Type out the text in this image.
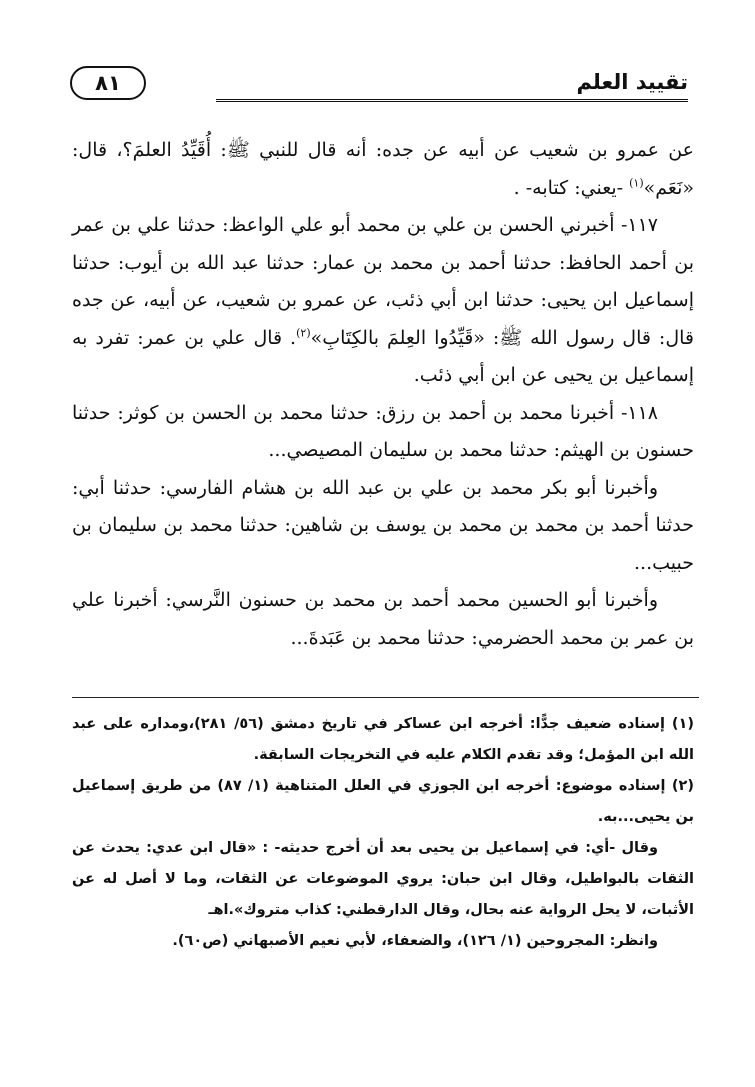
تقييد العلم
٨١

عن عمرو بن شعيب عن أبيه عن جده: أنه قال للنبي ﷺ: أُقَيِّدُ العلمَ؟، قال: «نَعَم»$^{(١)}$ -يعني: كتابه- .

١١٧- أخبرني الحسن بن علي بن محمد أبو علي الواعظ: حدثنا علي بن عمر بن أحمد الحافظ: حدثنا أحمد بن محمد بن عمار: حدثنا عبد الله بن أيوب: حدثنا إسماعيل ابن يحيى: حدثنا ابن أبي ذئب، عن عمرو بن شعيب، عن أبيه، عن جده قال: قال رسول الله ﷺ: «قَيِّدُوا العِلمَ بالكِتَابِ»$^{(٢)}$. قال علي بن عمر: تفرد به إسماعيل بن يحيى عن ابن أبي ذئب.

١١٨- أخبرنا محمد بن أحمد بن رزق: حدثنا محمد بن الحسن بن كوثر: حدثنا حسنون بن الهيثم: حدثنا محمد بن سليمان المصيصي...

وأخبرنا أبو بكر محمد بن علي بن عبد الله بن هشام الفارسي: حدثنا أبي: حدثنا أحمد بن محمد بن محمد بن يوسف بن شاهين: حدثنا محمد بن سليمان بن حبيب...

وأخبرنا أبو الحسين محمد أحمد بن محمد بن حسنون النَّرسي: أخبرنا علي بن عمر بن محمد الحضرمي: حدثنا محمد بن عَبَدةَ...

(١) إسناده ضعيف جدًّا: أخرجه ابن عساكر في تاريخ دمشق (٥٦/ ٢٨١)،ومداره على عبد الله ابن المؤمل؛ وقد تقدم الكلام عليه في التخريجات السابقة.

(٢) إسناده موضوع: أخرجه ابن الجوزي في العلل المتناهية (١/ ٨٧) من طريق إسماعيل بن يحيى...به.

وقال -أي: في إسماعيل بن يحيى بعد أن أخرج حديثه- : «قال ابن عدي: يحدث عن الثقات بالبواطيل، وقال ابن حبان: يروي الموضوعات عن الثقات، وما لا أصل له عن الأثبات، لا يحل الرواية عنه بحال، وقال الدارقطني: كذاب متروك».اهـ

وانظر: المجروحين (١/ ١٢٦)، والضعفاء، لأبي نعيم الأصبهاني (ص٦٠).
